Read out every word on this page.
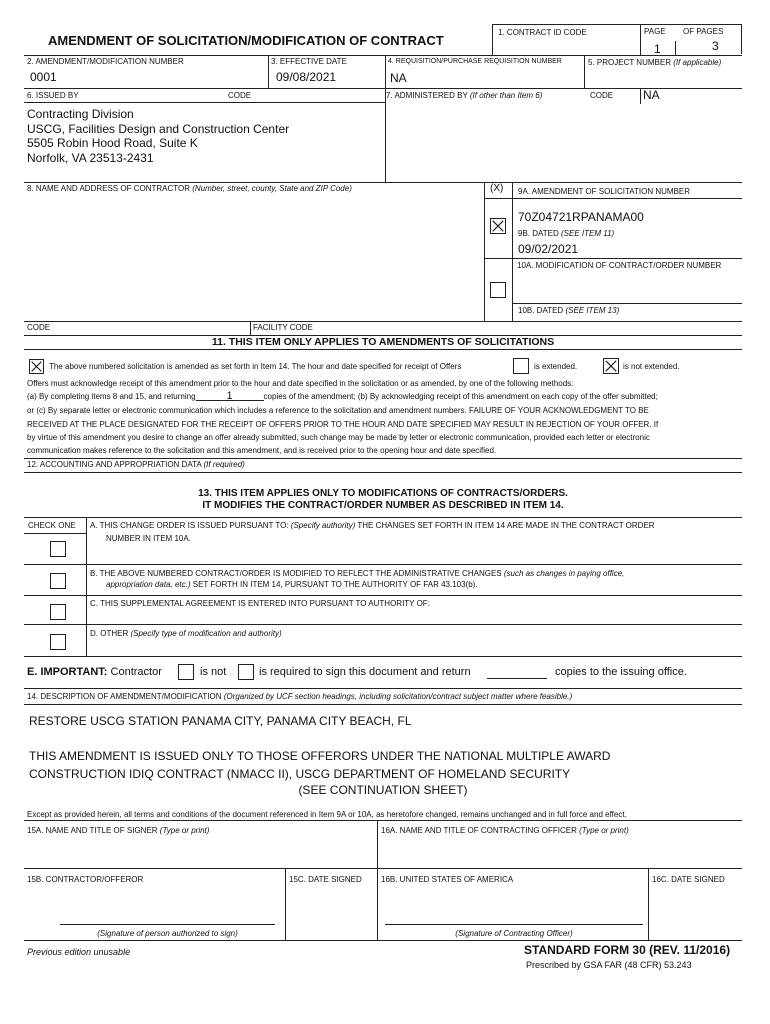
AMENDMENT OF SOLICITATION/MODIFICATION OF CONTRACT
1. CONTRACT ID CODE	PAGE OF PAGES
1	3
2. AMENDMENT/MODIFICATION NUMBER
0001
3. EFFECTIVE DATE
09/08/2021
4. REQUISITION/PURCHASE REQUISITION NUMBER
NA
5. PROJECT NUMBER (If applicable)
6. ISSUED BY	CODE	7. ADMINISTERED BY (If other than Item 6)	CODE NA
Contracting Division
USCG, Facilities Design and Construction Center
5505 Robin Hood Road, Suite K
Norfolk, VA 23513-2431
8. NAME AND ADDRESS OF CONTRACTOR (Number, street, county, State and ZIP Code)	(X) 9A. AMENDMENT OF SOLICITATION NUMBER
70Z04721RPANAMA00
9B. DATED (SEE ITEM 11)
09/02/2021
10A. MODIFICATION OF CONTRACT/ORDER NUMBER
10B. DATED (SEE ITEM 13)
CODE	FACILITY CODE
11. THIS ITEM ONLY APPLIES TO AMENDMENTS OF SOLICITATIONS
The above numbered solicitation is amended as set forth in Item 14. The hour and date specified for receipt of Offers	is extended.	is not extended.
Offers must acknowledge receipt of this amendment prior to the hour and date specified in the solicitation or as amended, by one of the following methods:
(a) By completing items 8 and 15, and returning	1	copies of the amendment; (b) By acknowledging receipt of this amendment on each copy of the offer submitted;
or (c) By separate letter or electronic communication which includes a reference to the solicitation and amendment numbers. FAILURE OF YOUR ACKNOWLEDGMENT TO BE
RECEIVED AT THE PLACE DESIGNATED FOR THE RECEIPT OF OFFERS PRIOR TO THE HOUR AND DATE SPECIFIED MAY RESULT IN REJECTION OF YOUR OFFER. If
by virtue of this amendment you desire to change an offer already submitted, such change may be made by letter or electronic communication, provided each letter or electronic
communication makes reference to the solicitation and this amendment, and is received prior to the opening hour and date specified.
12. ACCOUNTING AND APPROPRIATION DATA (If required)
13. THIS ITEM APPLIES ONLY TO MODIFICATIONS OF CONTRACTS/ORDERS.
IT MODIFIES THE CONTRACT/ORDER NUMBER AS DESCRIBED IN ITEM 14.
CHECK ONE A. THIS CHANGE ORDER IS ISSUED PURSUANT TO: (Specify authority) THE CHANGES SET FORTH IN ITEM 14 ARE MADE IN THE CONTRACT ORDER
NUMBER IN ITEM 10A.
B. THE ABOVE NUMBERED CONTRACT/ORDER IS MODIFIED TO REFLECT THE ADMINISTRATIVE CHANGES (such as changes in paying office,
appropriation data, etc.) SET FORTH IN ITEM 14, PURSUANT TO THE AUTHORITY OF FAR 43.103(b).
C. THIS SUPPLEMENTAL AGREEMENT IS ENTERED INTO PURSUANT TO AUTHORITY OF:
D. OTHER (Specify type of modification and authority)
E. IMPORTANT: Contractor	is not	is required to sign this document and return	copies to the issuing office.
14. DESCRIPTION OF AMENDMENT/MODIFICATION (Organized by UCF section headings, including solicitation/contract subject matter where feasible.)
RESTORE USCG STATION PANAMA CITY, PANAMA CITY BEACH, FL
THIS AMENDMENT IS ISSUED ONLY TO THOSE OFFERORS UNDER THE NATIONAL MULTIPLE AWARD
CONSTRUCTION IDIQ CONTRACT (NMACC II), USCG DEPARTMENT OF HOMELAND SECURITY
(SEE CONTINUATION SHEET)
Except as provided herein, all terms and conditions of the document referenced in Item 9A or 10A, as heretofore changed, remains unchanged and in full force and effect.
15A. NAME AND TITLE OF SIGNER (Type or print)	16A. NAME AND TITLE OF CONTRACTING OFFICER (Type or print)
15B. CONTRACTOR/OFFEROR	15C. DATE SIGNED 16B. UNITED STATES OF AMERICA	16C. DATE SIGNED
(Signature of person authorized to sign)	(Signature of Contracting Officer)
Previous edition unusable	STANDARD FORM 30 (REV. 11/2016)
Prescribed by GSA FAR (48 CFR) 53.243
